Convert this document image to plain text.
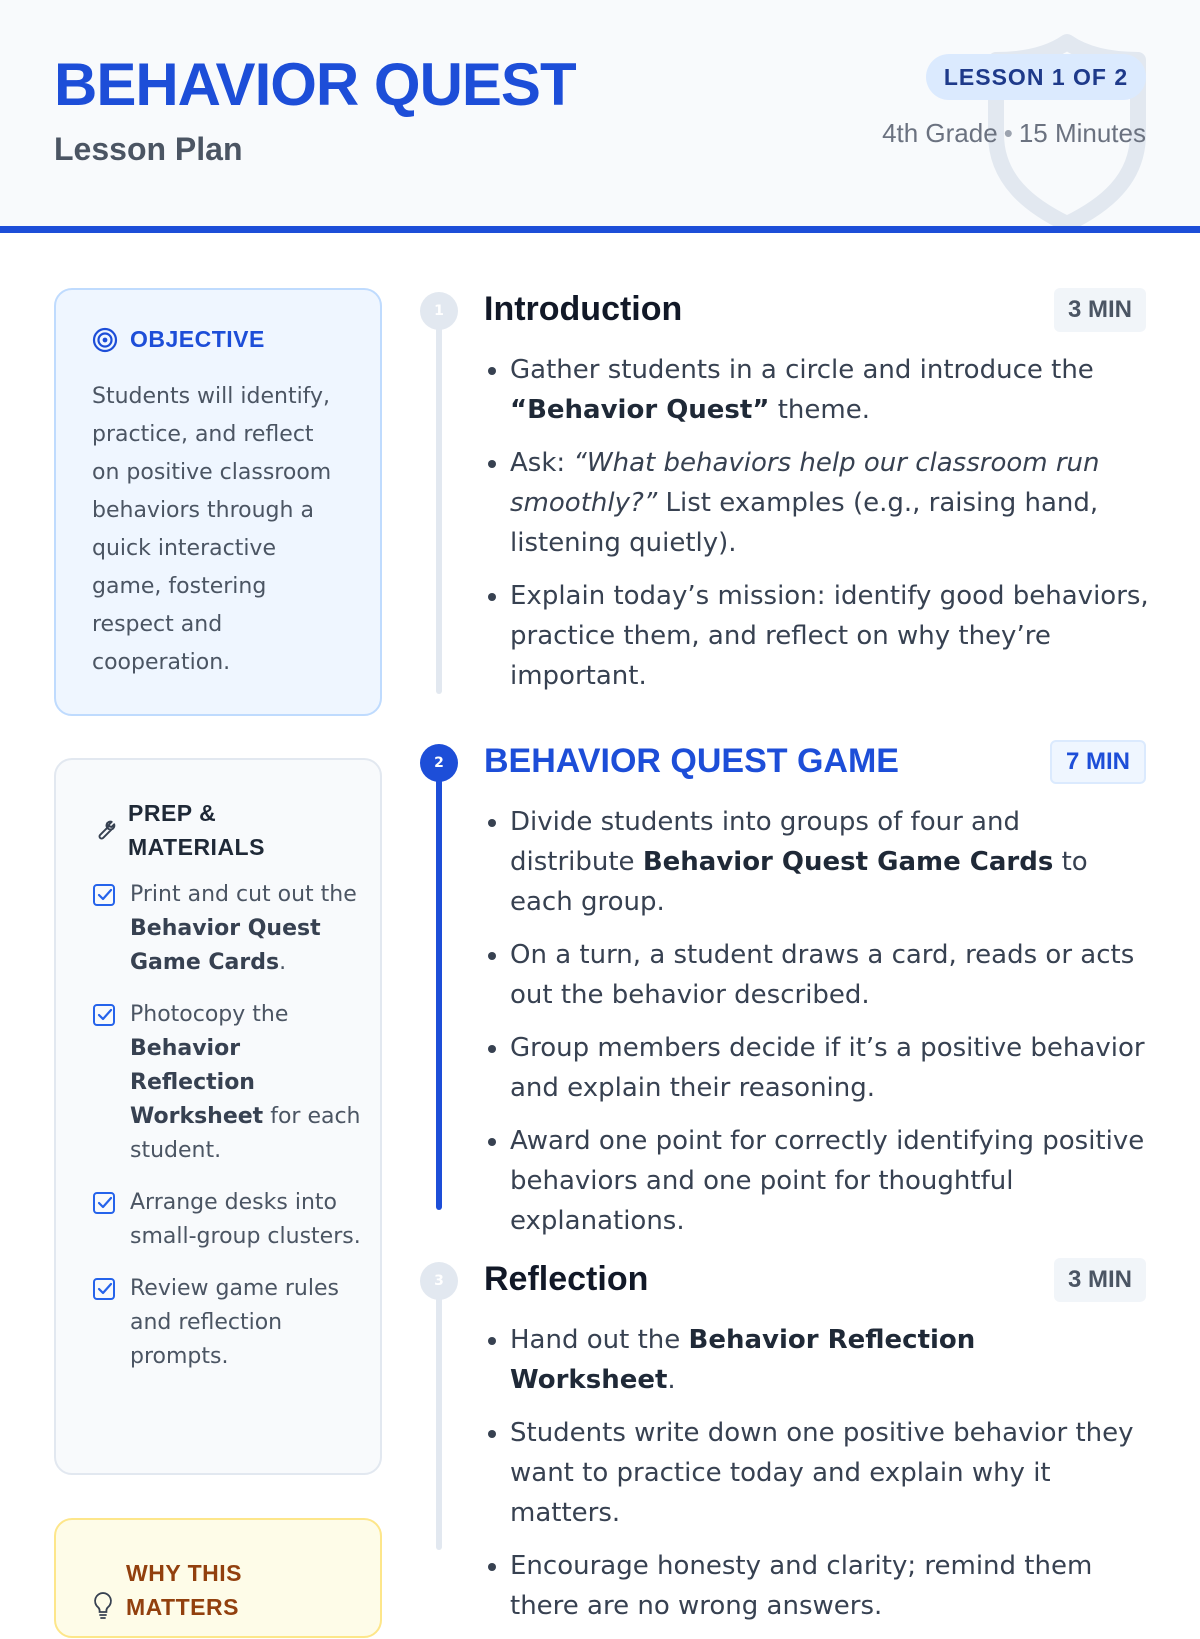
BEHAVIOR QUEST
Lesson Plan
LESSON 1 OF 2
4th Grade • 15 Minutes
OBJECTIVE
Students will identify, practice, and reflect on positive classroom behaviors through a quick interactive game, fostering respect and cooperation.
PREP & MATERIALS
Print and cut out the Behavior Quest Game Cards.
Photocopy the Behavior Reflection Worksheet for each student.
Arrange desks into small-group clusters.
Review game rules and reflection prompts.
WHY THIS MATTERS
1	Introduction	3 MIN
• Gather students in a circle and introduce the “Behavior Quest” theme.
• Ask: “What behaviors help our classroom run smoothly?” List examples (e.g., raising hand, listening quietly).
• Explain today’s mission: identify good behaviors, practice them, and reflect on why they’re important.
2	BEHAVIOR QUEST GAME	7 MIN
• Divide students into groups of four and distribute Behavior Quest Game Cards to each group.
• On a turn, a student draws a card, reads or acts out the behavior described.
• Group members decide if it’s a positive behavior and explain their reasoning.
• Award one point for correctly identifying positive behaviors and one point for thoughtful explanations.
3	Reflection	3 MIN
• Hand out the Behavior Reflection Worksheet.
• Students write down one positive behavior they want to practice today and explain why it matters.
• Encourage honesty and clarity; remind them there are no wrong answers.
